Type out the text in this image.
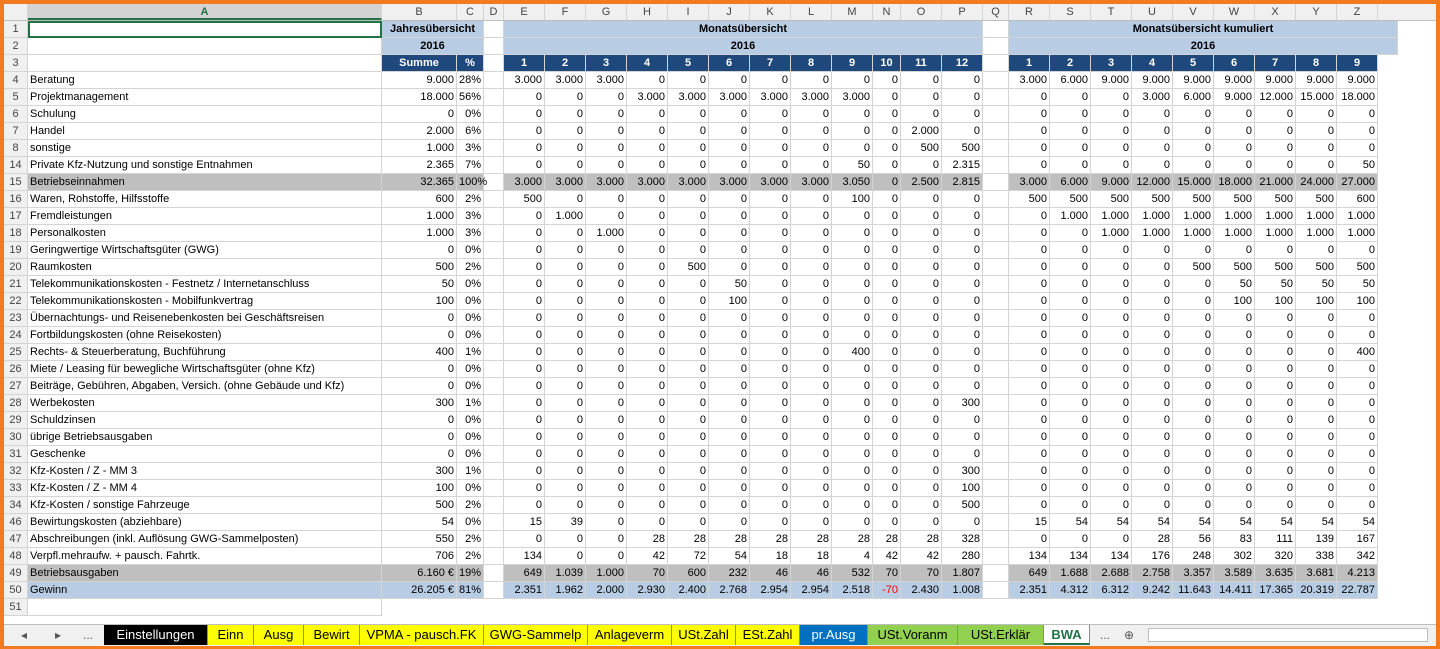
A	B	C	D	E	F	G	H	I	J	K	L	M	N	O	P	Q	R	S	T	U	V	W	X	Y	Z
1	Jahresübersicht	Monatsübersicht	Monatsübersicht kumuliert
2	2016	2016	2016
3	Summe	%	1	2	3	4	5	6	7	8	9	10	11	12	1	2	3	4	5	6	7	8	9
4	Beratung	9.000 28%	3.000	3.000	3.000	0	0	0	0	0	0	0	0	0	3.000	6.000	9.000	9.000	9.000	9.000	9.000	9.000	9.000
5	Projektmanagement	18.000 56%	0	0	0	3.000	3.000	3.000	3.000	3.000	3.000	0	0	0	0	0	0	3.000	6.000	9.000 12.000 15.000 18.000
6	Schulung	0	0%	0	0	0	0	0	0	0	0	0	0	0	0	0	0	0	0	0	0	0	0	0
7	Handel	2.000	6%	0	0	0	0	0	0	0	0	0	0	2.000	0	0	0	0	0	0	0	0	0	0
8	sonstige	1.000	3%	0	0	0	0	0	0	0	0	0	0	500	500	0	0	0	0	0	0	0	0	0
14 Private Kfz-Nutzung und sonstige Entnahmen	2.365	7%	0	0	0	0	0	0	0	0	50	0	0	2.315	0	0	0	0	0	0	0	0	50
15 Betriebseinnahmen	32.365 100%	3.000	3.000	3.000	3.000	3.000	3.000	3.000	3.000	3.050	0	2.500	2.815	3.000	6.000	9.000 12.000 15.000 18.000 21.000 24.000 27.000
16 Waren, Rohstoffe, Hilfsstoffe	600	2%	500	0	0	0	0	0	0	0	100	0	0	0	500	500	500	500	500	500	500	500	600
17 Fremdleistungen	1.000	3%	0	1.000	0	0	0	0	0	0	0	0	0	0	0	1.000	1.000	1.000	1.000	1.000	1.000	1.000	1.000
18 Personalkosten	1.000	3%	0	0	1.000	0	0	0	0	0	0	0	0	0	0	0	1.000	1.000	1.000	1.000	1.000	1.000	1.000
19 Geringwertige Wirtschaftsgüter (GWG)	0	0%	0	0	0	0	0	0	0	0	0	0	0	0	0	0	0	0	0	0	0	0	0
20 Raumkosten	500	2%	0	0	0	0	500	0	0	0	0	0	0	0	0	0	0	0	500	500	500	500	500
21 Telekommunikationskosten - Festnetz / Internetanschluss	50	0%	0	0	0	0	0	50	0	0	0	0	0	0	0	0	0	0	0	50	50	50	50
22 Telekommunikationskosten - Mobilfunkvertrag	100	0%	0	0	0	0	0	100	0	0	0	0	0	0	0	0	0	0	0	100	100	100	100
23 Übernachtungs- und Reisenebenkosten bei Geschäftsreisen	0	0%	0	0	0	0	0	0	0	0	0	0	0	0	0	0	0	0	0	0	0	0	0
24 Fortbildungskosten (ohne Reisekosten)	0	0%	0	0	0	0	0	0	0	0	0	0	0	0	0	0	0	0	0	0	0	0	0
25 Rechts- & Steuerberatung, Buchführung	400	1%	0	0	0	0	0	0	0	0	400	0	0	0	0	0	0	0	0	0	0	0	400
26 Miete / Leasing für bewegliche Wirtschaftsgüter (ohne Kfz)	0	0%	0	0	0	0	0	0	0	0	0	0	0	0	0	0	0	0	0	0	0	0	0
27 Beiträge, Gebühren, Abgaben, Versich. (ohne Gebäude und Kfz)	0	0%	0	0	0	0	0	0	0	0	0	0	0	0	0	0	0	0	0	0	0	0	0
28 Werbekosten	300	1%	0	0	0	0	0	0	0	0	0	0	0	300	0	0	0	0	0	0	0	0	0
29 Schuldzinsen	0	0%	0	0	0	0	0	0	0	0	0	0	0	0	0	0	0	0	0	0	0	0	0
30 übrige Betriebsausgaben	0	0%	0	0	0	0	0	0	0	0	0	0	0	0	0	0	0	0	0	0	0	0	0
31 Geschenke	0	0%	0	0	0	0	0	0	0	0	0	0	0	0	0	0	0	0	0	0	0	0	0
32 Kfz-Kosten / Z - MM 3	300	1%	0	0	0	0	0	0	0	0	0	0	0	300	0	0	0	0	0	0	0	0	0
33 Kfz-Kosten / Z - MM 4	100	0%	0	0	0	0	0	0	0	0	0	0	0	100	0	0	0	0	0	0	0	0	0
34 Kfz-Kosten / sonstige Fahrzeuge	500	2%	0	0	0	0	0	0	0	0	0	0	0	500	0	0	0	0	0	0	0	0	0
46 Bewirtungskosten (abziehbare)	54	0%	15	39	0	0	0	0	0	0	0	0	0	0	15	54	54	54	54	54	54	54	54
47 Abschreibungen (inkl. Auflösung GWG-Sammelposten)	550	2%	0	0	0	28	28	28	28	28	28	28	28	328	0	0	0	28	56	83	111	139	167
48 Verpfl.mehraufw. + pausch. Fahrtk.	706	2%	134	0	0	42	72	54	18	18	4	42	42	280	134	134	134	176	248	302	320	338	342
49 Betriebsausgaben	6.160 € 19%	649	1.039	1.000	70	600	232	46	46	532	70	70	1.807	649	1.688	2.688	2.758	3.357	3.589	3.635	3.681	4.213
50 Gewinn	26.205 € 81%	2.351	1.962	2.000	2.930	2.400	2.768	2.954	2.954	2.518	-70	2.430	1.008	2.351	4.312	6.312	9.242 11.643 14.411 17.365 20.319 22.787
51
◂ ▸	...	Einstellungen	Einn	Ausg	Bewirt	VPMA - pausch.FK	GWG-Sammelp	Anlageverm	USt.Zahl	ESt.Zahl	pr.Ausg	USt.Voranm	USt.Erklär	BWA	...	⊕
